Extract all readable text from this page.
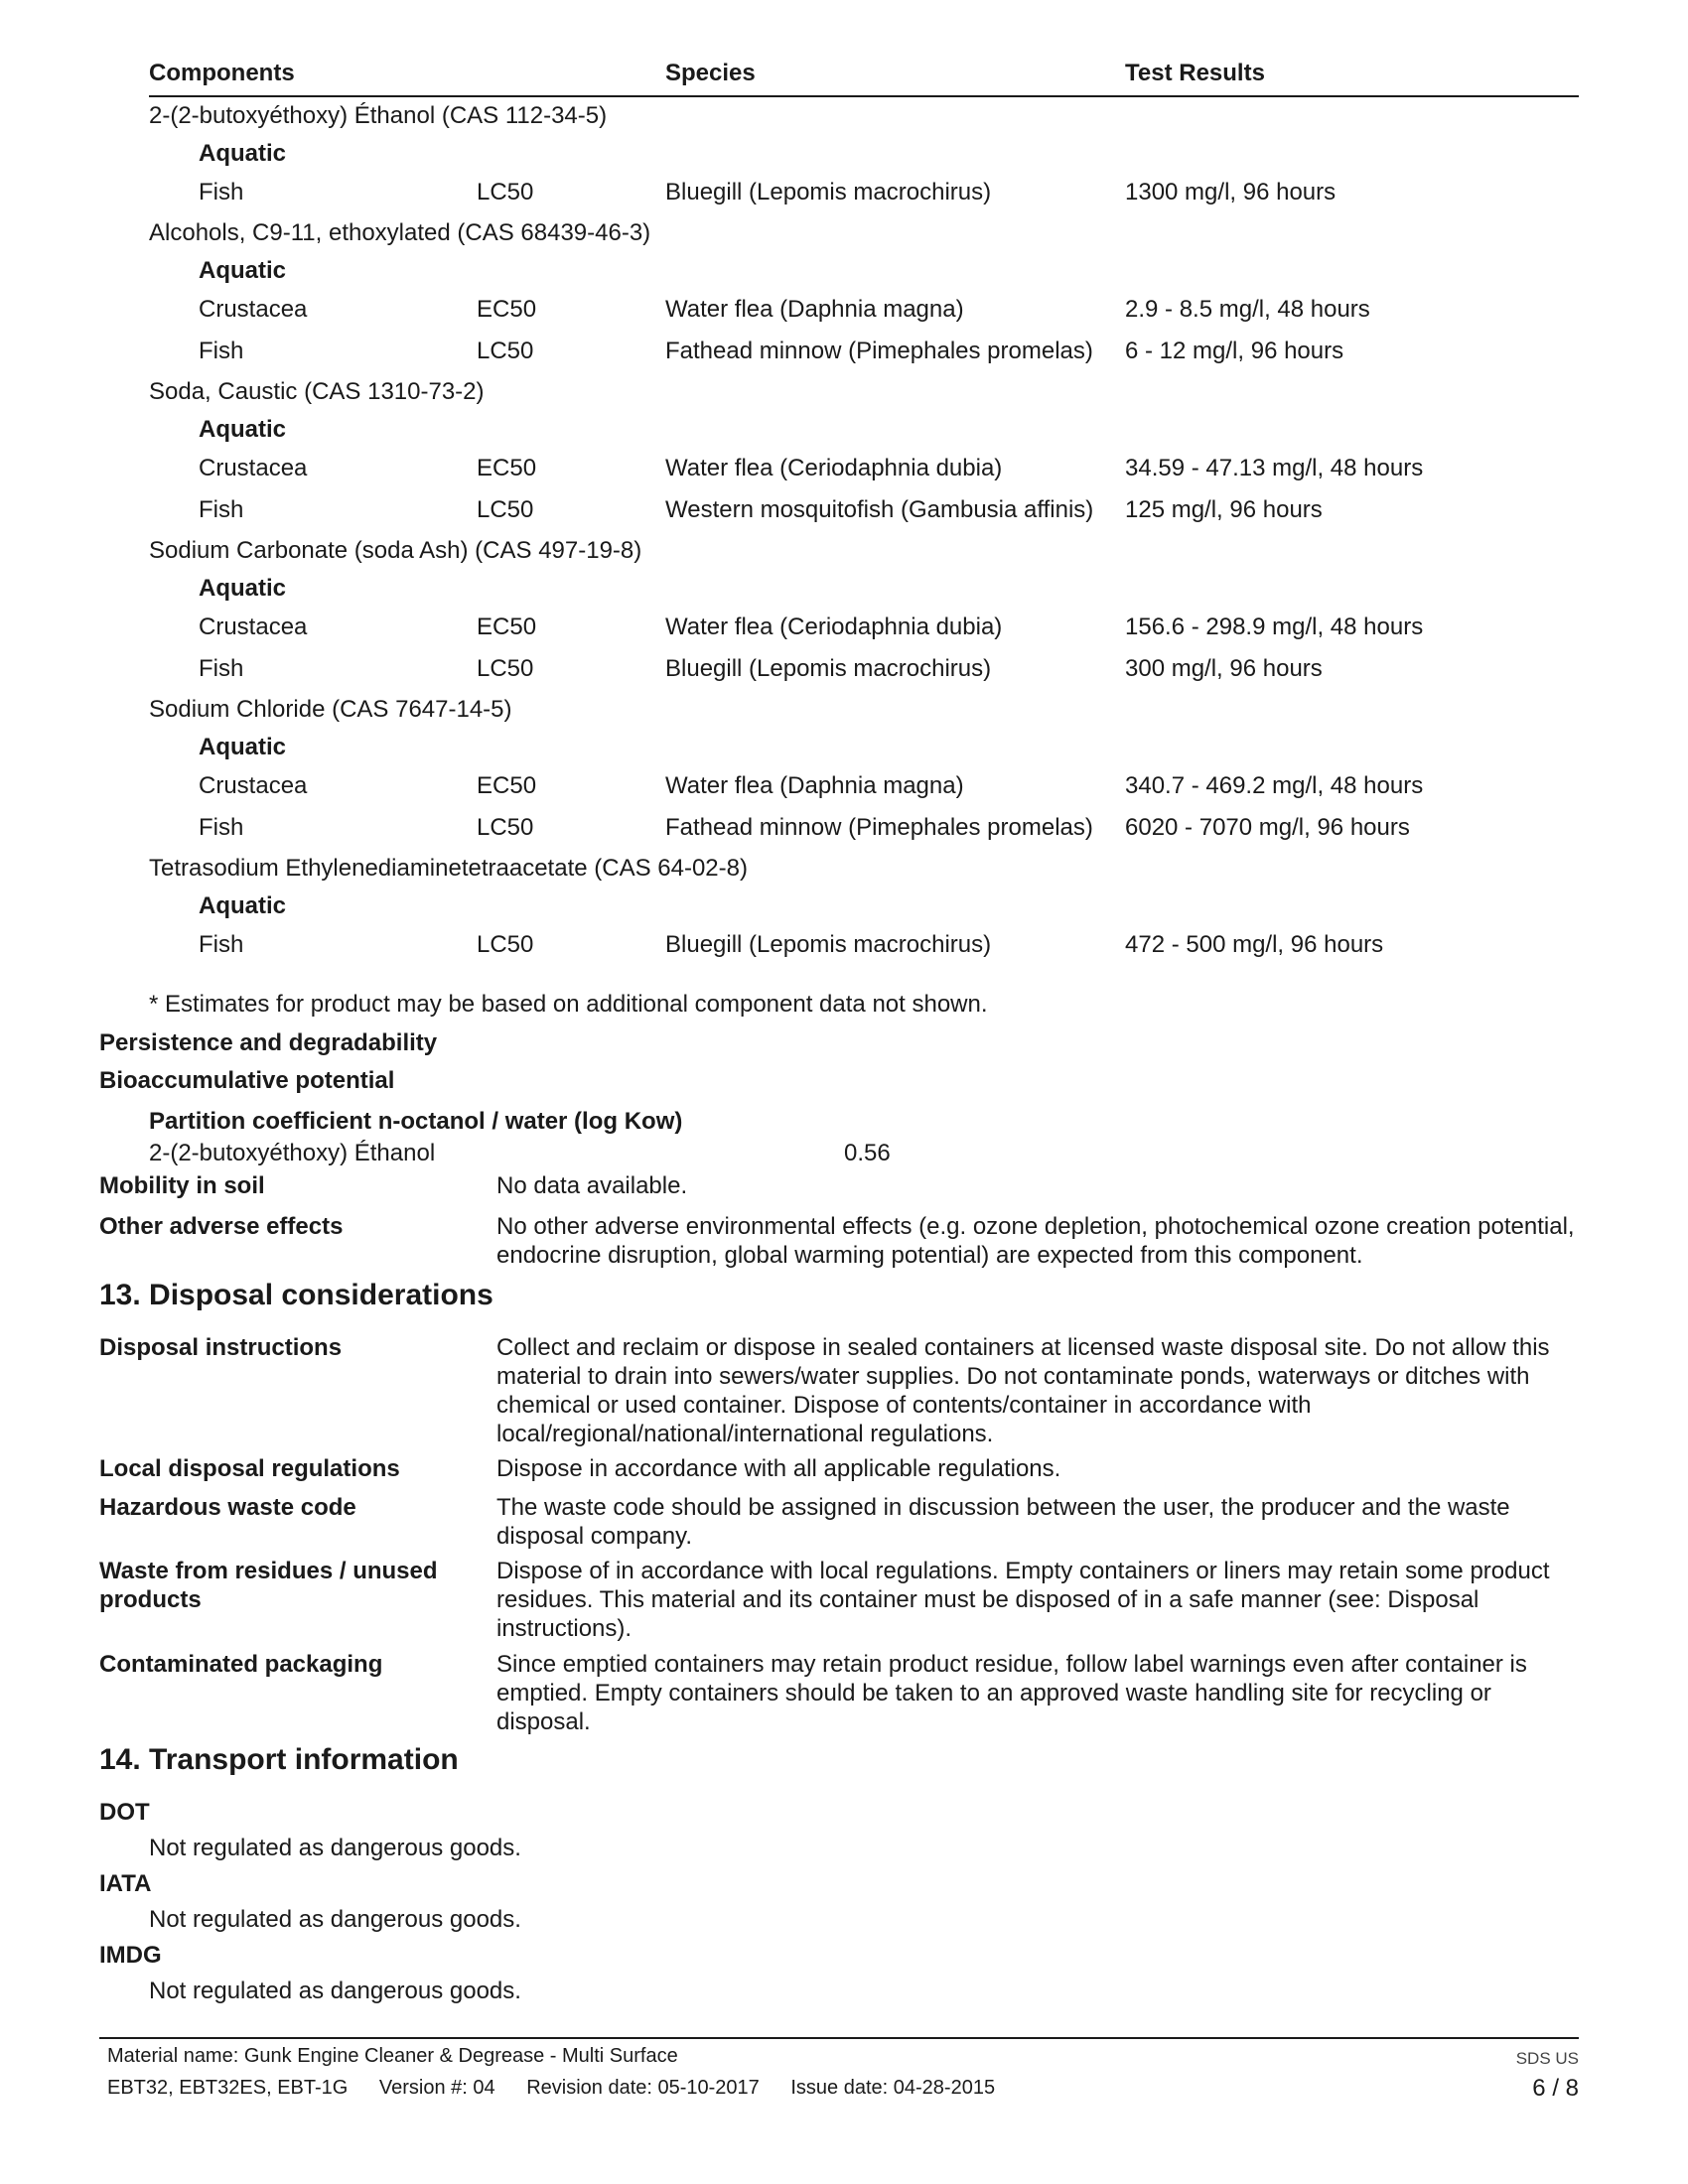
Components	Species	Test Results
2-(2-butoxyéthoxy) Éthanol (CAS 112-34-5)
Aquatic
Fish	LC50	Bluegill (Lepomis macrochirus)	1300 mg/l, 96 hours
Alcohols, C9-11, ethoxylated (CAS 68439-46-3)
Aquatic
Crustacea	EC50	Water flea (Daphnia magna)	2.9 - 8.5 mg/l, 48 hours
Fish	LC50	Fathead minnow (Pimephales promelas) 6 - 12 mg/l, 96 hours
Soda, Caustic (CAS 1310-73-2)
Aquatic
Crustacea	EC50	Water flea (Ceriodaphnia dubia)	34.59 - 47.13 mg/l, 48 hours
Fish	LC50	Western mosquitofish (Gambusia affinis) 125 mg/l, 96 hours
Sodium Carbonate (soda Ash) (CAS 497-19-8)
Aquatic
Crustacea	EC50	Water flea (Ceriodaphnia dubia)	156.6 - 298.9 mg/l, 48 hours
Fish	LC50	Bluegill (Lepomis macrochirus)	300 mg/l, 96 hours
Sodium Chloride (CAS 7647-14-5)
Aquatic
Crustacea	EC50	Water flea (Daphnia magna)	340.7 - 469.2 mg/l, 48 hours
Fish	LC50	Fathead minnow (Pimephales promelas) 6020 - 7070 mg/l, 96 hours
Tetrasodium Ethylenediaminetetraacetate (CAS 64-02-8)
Aquatic
Fish	LC50	Bluegill (Lepomis macrochirus)	472 - 500 mg/l, 96 hours
* Estimates for product may be based on additional component data not shown.
Persistence and degradability
Bioaccumulative potential
Partition coefficient n-octanol / water (log Kow)
2-(2-butoxyéthoxy) Éthanol	0.56
Mobility in soil	No data available.
Other adverse effects	No other adverse environmental effects (e.g. ozone depletion, photochemical ozone creation potential, endocrine disruption, global warming potential) are expected from this component.
13. Disposal considerations
Disposal instructions	Collect and reclaim or dispose in sealed containers at licensed waste disposal site. Do not allow this material to drain into sewers/water supplies. Do not contaminate ponds, waterways or ditches with chemical or used container. Dispose of contents/container in accordance with local/regional/national/international regulations.
Local disposal regulations	Dispose in accordance with all applicable regulations.
Hazardous waste code	The waste code should be assigned in discussion between the user, the producer and the waste disposal company.
Waste from residues / unused products
Dispose of in accordance with local regulations. Empty containers or liners may retain some product residues. This material and its container must be disposed of in a safe manner (see: Disposal instructions).
Contaminated packaging	Since emptied containers may retain product residue, follow label warnings even after container is emptied. Empty containers should be taken to an approved waste handling site for recycling or disposal.
14. Transport information
DOT
Not regulated as dangerous goods.
IATA
Not regulated as dangerous goods.
IMDG
Not regulated as dangerous goods.
Material name: Gunk Engine Cleaner & Degrease - Multi Surface
EBT32, EBT32ES, EBT-1G Version #: 04 Revision date: 05-10-2017 Issue date: 04-28-2015
SDS US
6 / 8
